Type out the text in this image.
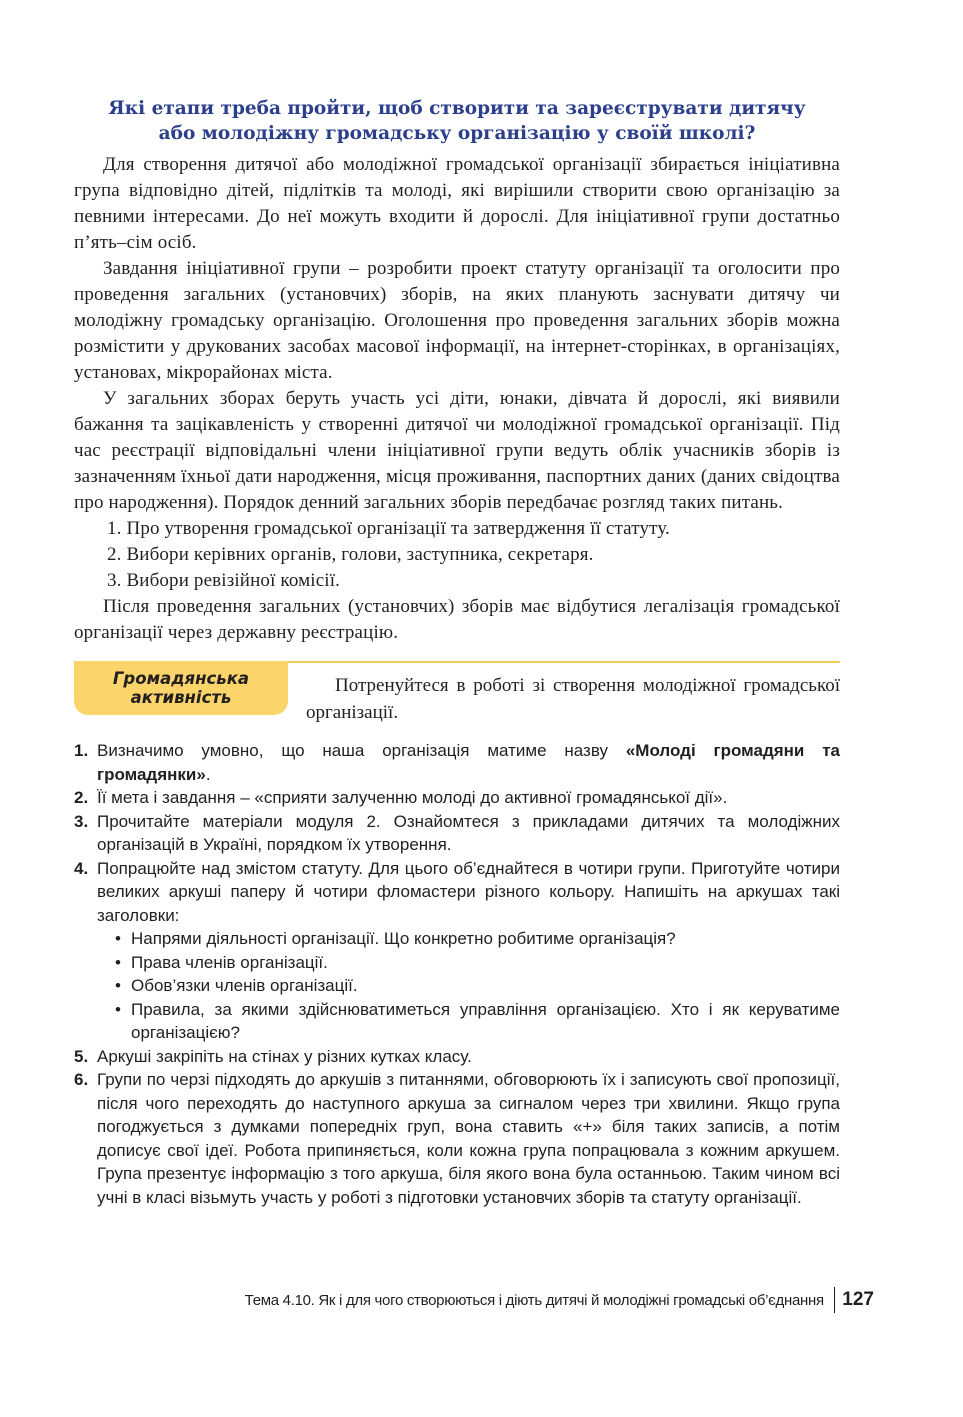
Які етапи треба пройти, щоб створити та зареєструвати дитячу
або молодіжну громадську організацію у своїй школі?

Для створення дитячої або молодіжної громадської організації збирається ініціативна група відповідно дітей, підлітків та молоді, які вирішили створити свою організацію за певними інтересами. До неї можуть входити й дорослі. Для ініціативної групи достатньо п’ять–сім осіб.

Завдання ініціативної групи – розробити проект статуту організації та оголосити про проведення загальних (установчих) зборів, на яких планують заснувати дитячу чи молодіжну громадську організацію. Оголошення про проведення загальних зборів можна розмістити у друкованих засобах масової інформації, на інтернет-сторінках, в організаціях, установах, мікрорайонах міста.

У загальних зборах беруть участь усі діти, юнаки, дівчата й дорослі, які виявили бажання та зацікавленість у створенні дитячої чи молодіжної громадської організації. Під час реєстрації відповідальні члени ініціативної групи ведуть облік учасників зборів із зазначенням їхньої дати народження, місця проживання, паспортних даних (даних свідоцтва про народження). Порядок денний загальних зборів передбачає розгляд таких питань.

1. Про утворення громадської організації та затвердження її статуту.
2. Вибори керівних органів, голови, заступника, секретаря.
3. Вибори ревізійної комісії.

Після проведення загальних (установчих) зборів має відбутися легалізація громадської організації через державну реєстрацію.

Громадянська
активність

Потренуйтеся в роботі зі створення молодіжної громадської організації.

1. Визначимо умовно, що наша організація матиме назву «Молоді громадяни та громадянки».
2. Її мета і завдання – «сприяти залученню молоді до активної громадянської дії».
3. Прочитайте матеріали модуля 2. Ознайомтеся з прикладами дитячих та молодіжних організацій в Україні, порядком їх утворення.
4. Попрацюйте над змістом статуту. Для цього об’єднайтеся в чотири групи. Приготуйте чотири великих аркуші паперу й чотири фломастери різного кольору. Напишіть на аркушах такі заголовки:
• Напрями діяльності організації. Що конкретно робитиме організація?
• Права членів організації.
• Обов’язки членів організації.
• Правила, за якими здійснюватиметься управління організацією. Хто і як керуватиме організацією?
5. Аркуші закріпіть на стінах у різних кутках класу.
6. Групи по черзі підходять до аркушів з питаннями, обговорюють їх і записують свої пропозиції, після чого переходять до наступного аркуша за сигналом через три хвилини. Якщо група погоджується з думками попередніх груп, вона ставить «+» біля таких записів, а потім дописує свої ідеї. Робота припиняється, коли кожна група попрацювала з кожним аркушем. Група презентує інформацію з того аркуша, біля якого вона була останньою. Таким чином всі учні в класі візьмуть участь у роботі з підготовки установчих зборів та статуту організації.
Тема 4.10. Як і для чого створюються і діють дитячі й молодіжні громадські об’єднання 127
